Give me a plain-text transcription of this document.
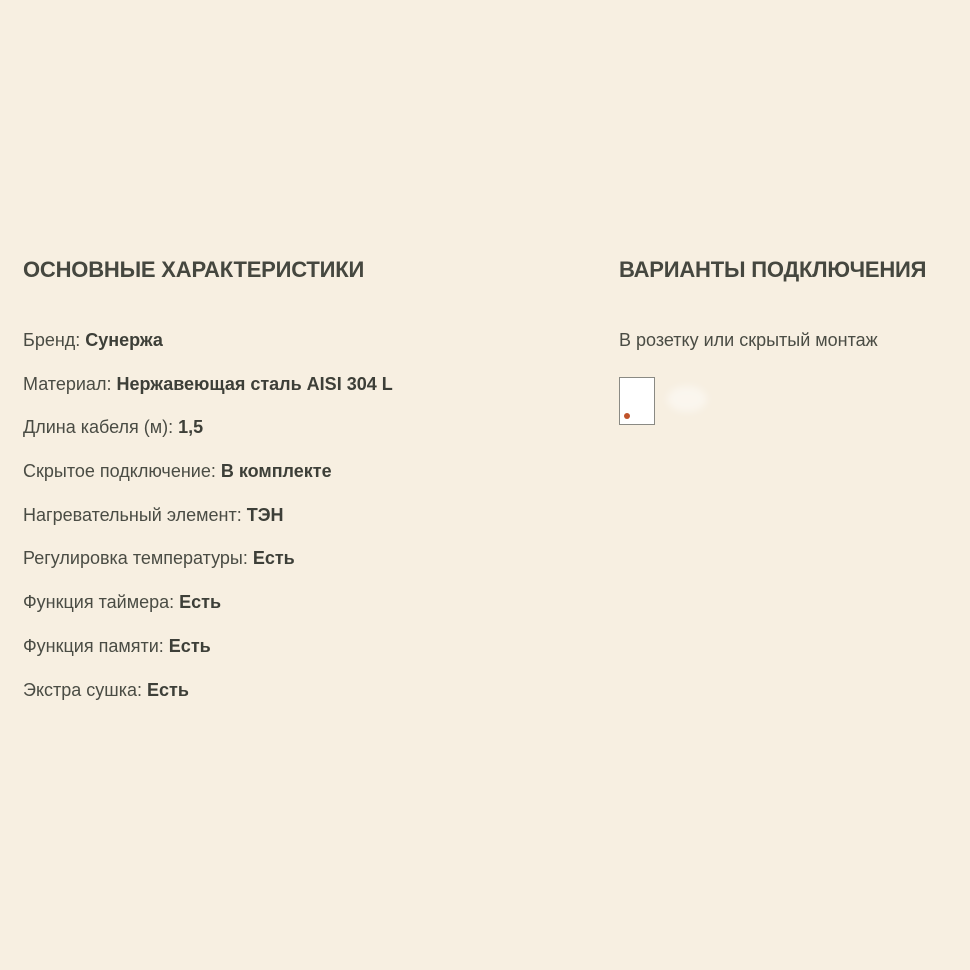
ОСНОВНЫЕ ХАРАКТЕРИСТИКИ
Бренд: Сунержа
Материал: Нержавеющая сталь AISI 304 L
Длина кабеля (м): 1,5
Скрытое подключение: В комплекте
Нагревательный элемент: ТЭН
Регулировка температуры: Есть
Функция таймера: Есть
Функция памяти: Есть
Экстра сушка: Есть
ВАРИАНТЫ ПОДКЛЮЧЕНИЯ
В розетку или скрытый монтаж
